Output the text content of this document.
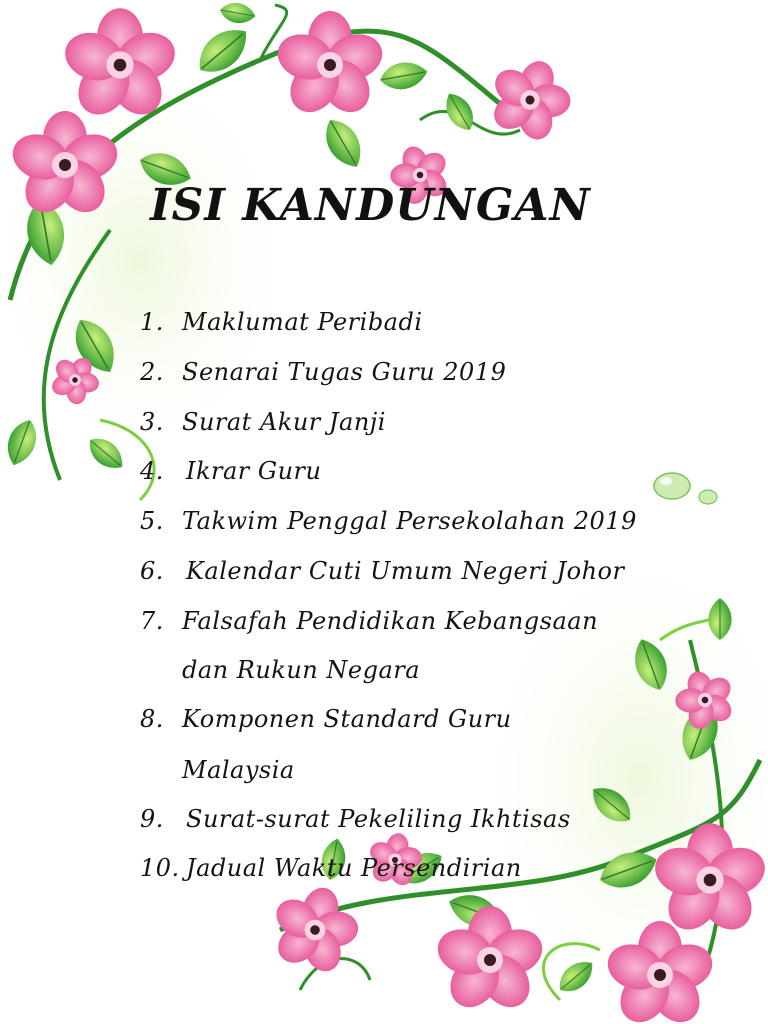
ISI KANDUNGAN
1. Maklumat Peribadi
2. Senarai Tugas Guru 2019
3. Surat Akur Janji
4. Ikrar Guru
5. Takwim Penggal Persekolahan 2019
6. Kalendar Cuti Umum Negeri Johor
7. Falsafah Pendidikan Kebangsaan
dan Rukun Negara
8. Komponen Standard Guru
Malaysia
9. Surat-surat Pekeliling Ikhtisas
10. Jadual Waktu Persendirian
